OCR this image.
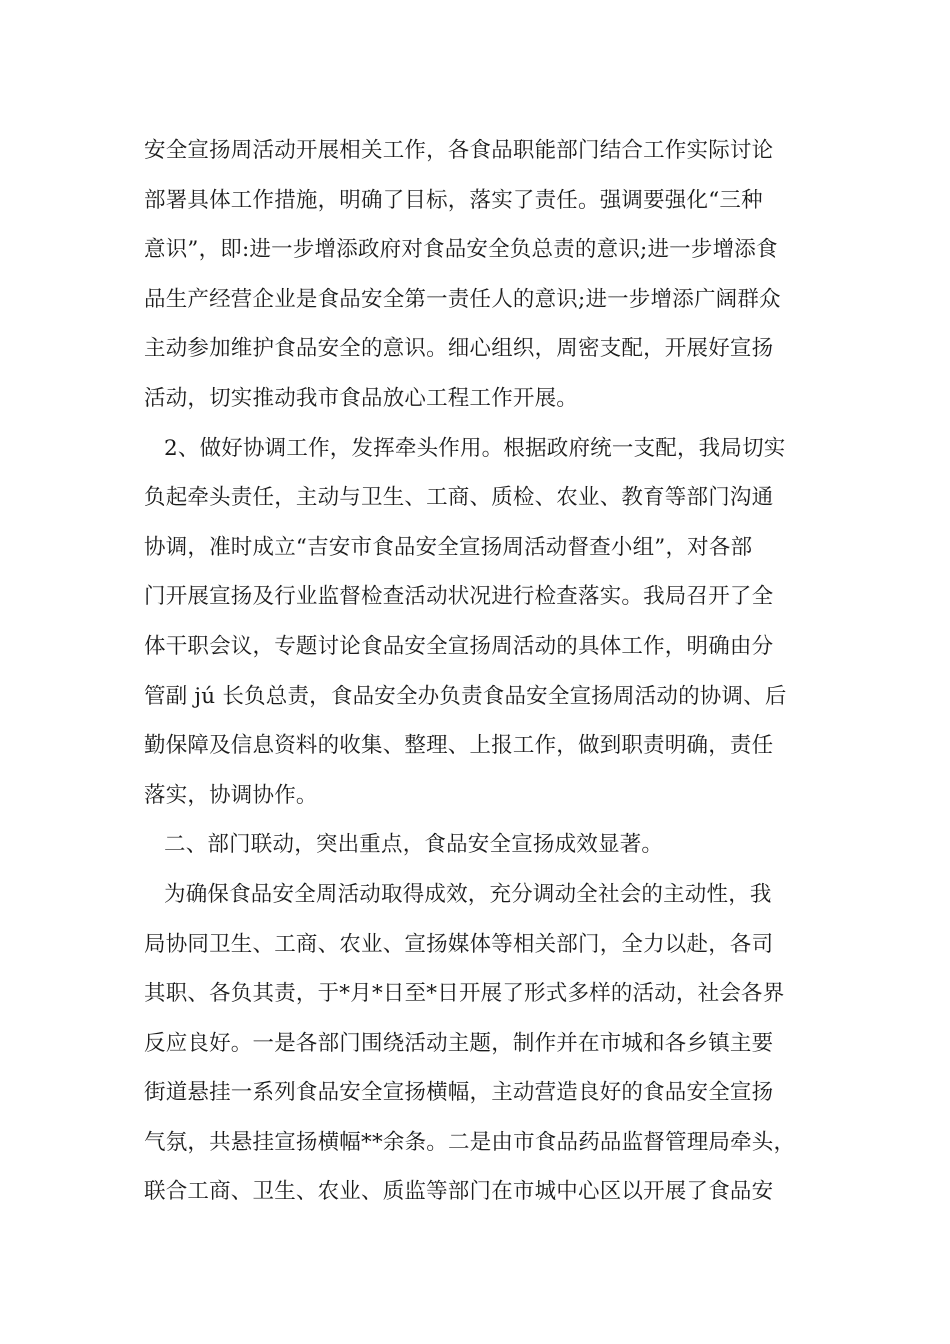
安全宣扬周活动开展相关工作，各食品职能部门结合工作实际讨论
部署具体工作措施，明确了目标，落实了责任。强调要强化“三种
意识”，即:进一步增添政府对食品安全负总责的意识;进一步增添食
品生产经营企业是食品安全第一责任人的意识;进一步增添广阔群众
主动参加维护食品安全的意识。细心组织，周密支配，开展好宣扬
活动，切实推动我市食品放心工程工作开展。
2、做好协调工作，发挥牵头作用。根据政府统一支配，我局切实
负起牵头责任，主动与卫生、工商、质检、农业、教育等部门沟通
协调，准时成立“吉安市食品安全宣扬周活动督查小组”，对各部
门开展宣扬及行业监督检查活动状况进行检查落实。我局召开了全
体干职会议，专题讨论食品安全宣扬周活动的具体工作，明确由分
管副 jú 长负总责，食品安全办负责食品安全宣扬周活动的协调、后
勤保障及信息资料的收集、整理、上报工作，做到职责明确，责任
落实，协调协作。
二、部门联动，突出重点，食品安全宣扬成效显著。
为确保食品安全周活动取得成效，充分调动全社会的主动性，我
局协同卫生、工商、农业、宣扬媒体等相关部门，全力以赴，各司
其职、各负其责，于*月*日至*日开展了形式多样的活动，社会各界
反应良好。一是各部门围绕活动主题，制作并在市城和各乡镇主要
街道悬挂一系列食品安全宣扬横幅，主动营造良好的食品安全宣扬
气氛，共悬挂宣扬横幅**余条。二是由市食品药品监督管理局牵头，
联合工商、卫生、农业、质监等部门在市城中心区以开展了食品安
